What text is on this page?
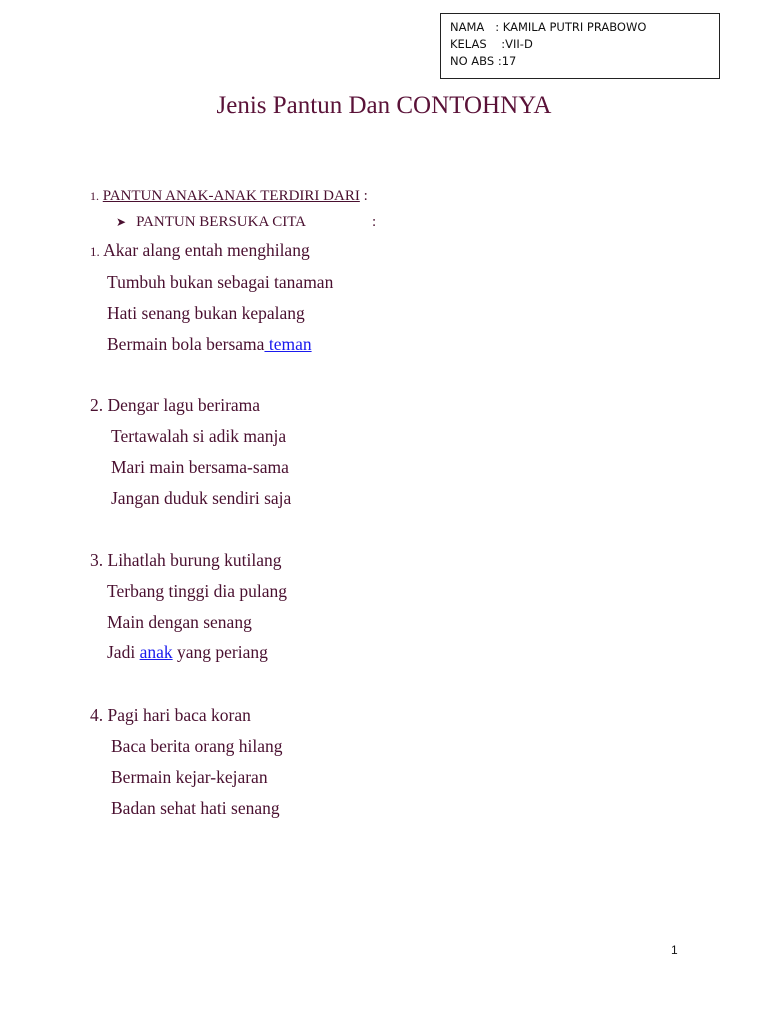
NAMA   : KAMILA PUTRI PRABOWO
KELAS    :VII-D
NO ABS :17
Jenis Pantun Dan CONTOHNYA
1. PANTUN ANAK-ANAK TERDIRI DARI :
➤ PANTUN BERSUKA CITA	:
1. Akar alang entah menghilang
Tumbuh bukan sebagai tanaman
Hati senang bukan kepalang
Bermain bola bersama teman
2. Dengar lagu berirama
Tertawalah si adik manja
Mari main bersama-sama
Jangan duduk sendiri saja
3. Lihatlah burung kutilang
Terbang tinggi dia pulang
Main dengan senang
Jadi anak yang periang
4. Pagi hari baca koran
Baca berita orang hilang
Bermain kejar-kejaran
Badan sehat hati senang
1
